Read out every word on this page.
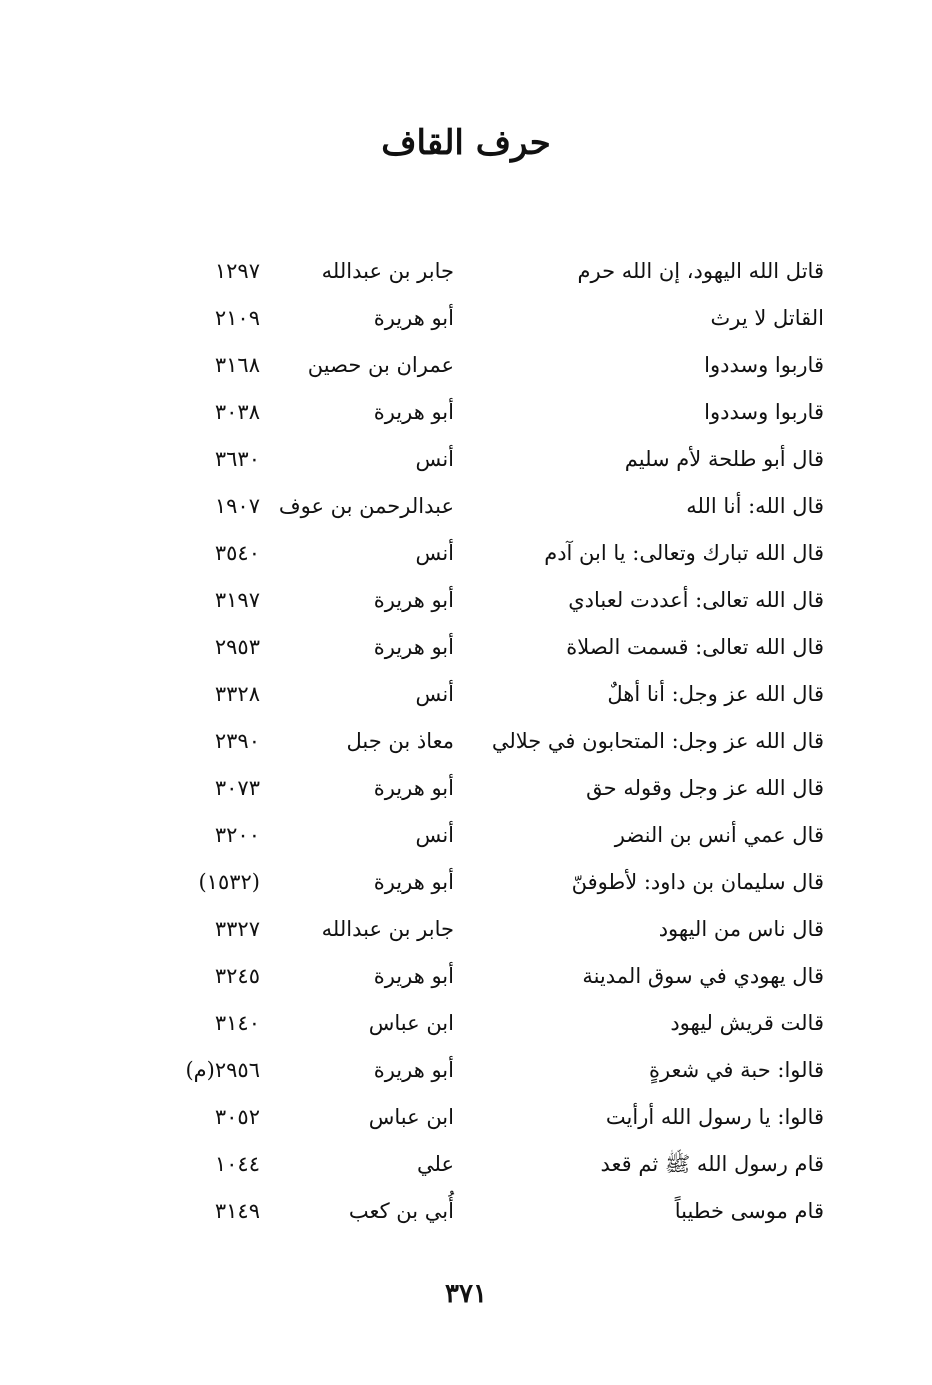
حرف القاف
قاتل الله اليهود، إن الله حرم
جابر بن عبدالله
١٢٩٧
القاتل لا يرث
أبو هريرة
٢١٠٩
قاربوا وسددوا
عمران بن حصين
٣١٦٨
قاربوا وسددوا
أبو هريرة
٣٠٣٨
قال أبو طلحة لأم سليم
أنس
٣٦٣٠
قال الله: أنا الله
عبدالرحمن بن عوف
١٩٠٧
قال الله تبارك وتعالى: يا ابن آدم
أنس
٣٥٤٠
قال الله تعالى: أعددت لعبادي
أبو هريرة
٣١٩٧
قال الله تعالى: قسمت الصلاة
أبو هريرة
٢٩٥٣
قال الله عز وجل: أنا أهلٌ
أنس
٣٣٢٨
قال الله عز وجل: المتحابون في جلالي
معاذ بن جبل
٢٣٩٠
قال الله عز وجل وقوله حق
أبو هريرة
٣٠٧٣
قال عمي أنس بن النضر
أنس
٣٢٠٠
قال سليمان بن داود: لأطوفنّ
أبو هريرة
(١٥٣٢)
قال ناس من اليهود
جابر بن عبدالله
٣٣٢٧
قال يهودي في سوق المدينة
أبو هريرة
٣٢٤٥
قالت قريش ليهود
ابن عباس
٣١٤٠
قالوا: حبة في شعرةٍ
أبو هريرة
٢٩٥٦(م)
قالوا: يا رسول الله أرأيت
ابن عباس
٣٠٥٢
قام رسول الله ﷺ ثم قعد
علي
١٠٤٤
قام موسى خطيباً
أُبي بن كعب
٣١٤٩
٣٧١
